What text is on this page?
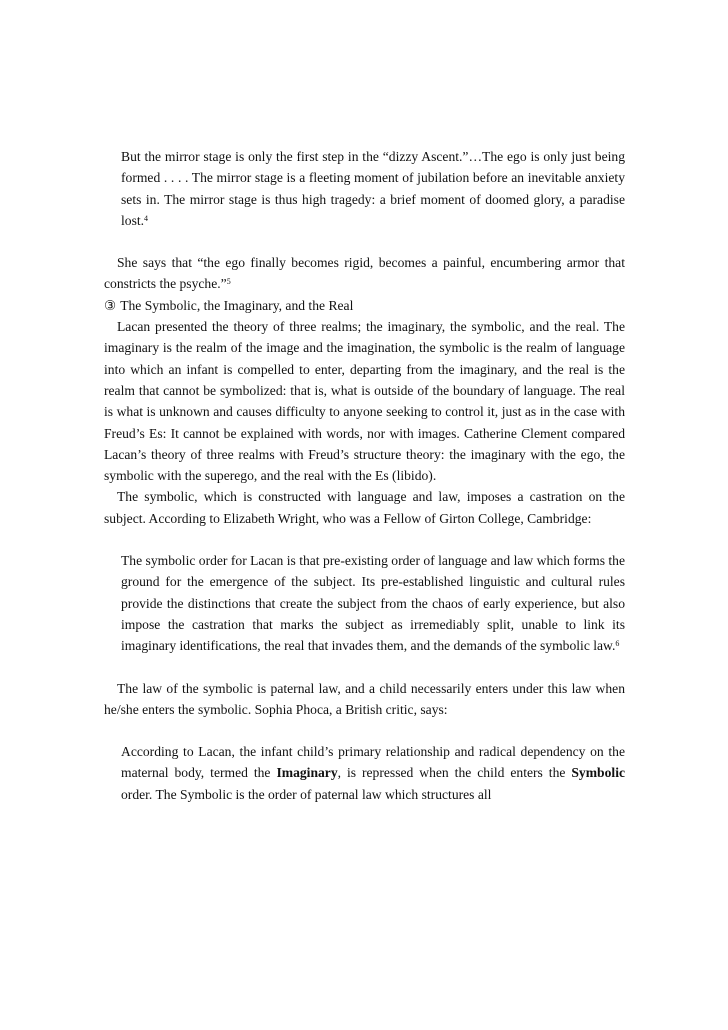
But the mirror stage is only the first step in the “dizzy Ascent.”…The ego is only just being formed . . . . The mirror stage is a fleeting moment of jubilation before an inevitable anxiety sets in. The mirror stage is thus high tragedy: a brief moment of doomed glory, a paradise lost.$^4$

She says that “the ego finally becomes rigid, becomes a painful, encumbering armor that constricts the psyche.”$^5$

③ The Symbolic, the Imaginary, and the Real

Lacan presented the theory of three realms; the imaginary, the symbolic, and the real. The imaginary is the realm of the image and the imagination, the symbolic is the realm of language into which an infant is compelled to enter, departing from the imaginary, and the real is the realm that cannot be symbolized: that is, what is outside of the boundary of language. The real is what is unknown and causes difficulty to anyone seeking to control it, just as in the case with Freud’s Es: It cannot be explained with words, nor with images. Catherine Clement compared Lacan’s theory of three realms with Freud’s structure theory: the imaginary with the ego, the symbolic with the superego, and the real with the Es (libido).

The symbolic, which is constructed with language and law, imposes a castration on the subject. According to Elizabeth Wright, who was a Fellow of Girton College, Cambridge:

The symbolic order for Lacan is that pre-existing order of language and law which forms the ground for the emergence of the subject. Its pre-established linguistic and cultural rules provide the distinctions that create the subject from the chaos of early experience, but also impose the castration that marks the subject as irremediably split, unable to link its imaginary identifications, the real that invades them, and the demands of the symbolic law.$^6$

The law of the symbolic is paternal law, and a child necessarily enters under this law when he/she enters the symbolic. Sophia Phoca, a British critic, says:

According to Lacan, the infant child’s primary relationship and radical dependency on the maternal body, termed the Imaginary, is repressed when the child enters the Symbolic order. The Symbolic is the order of paternal law which structures all
